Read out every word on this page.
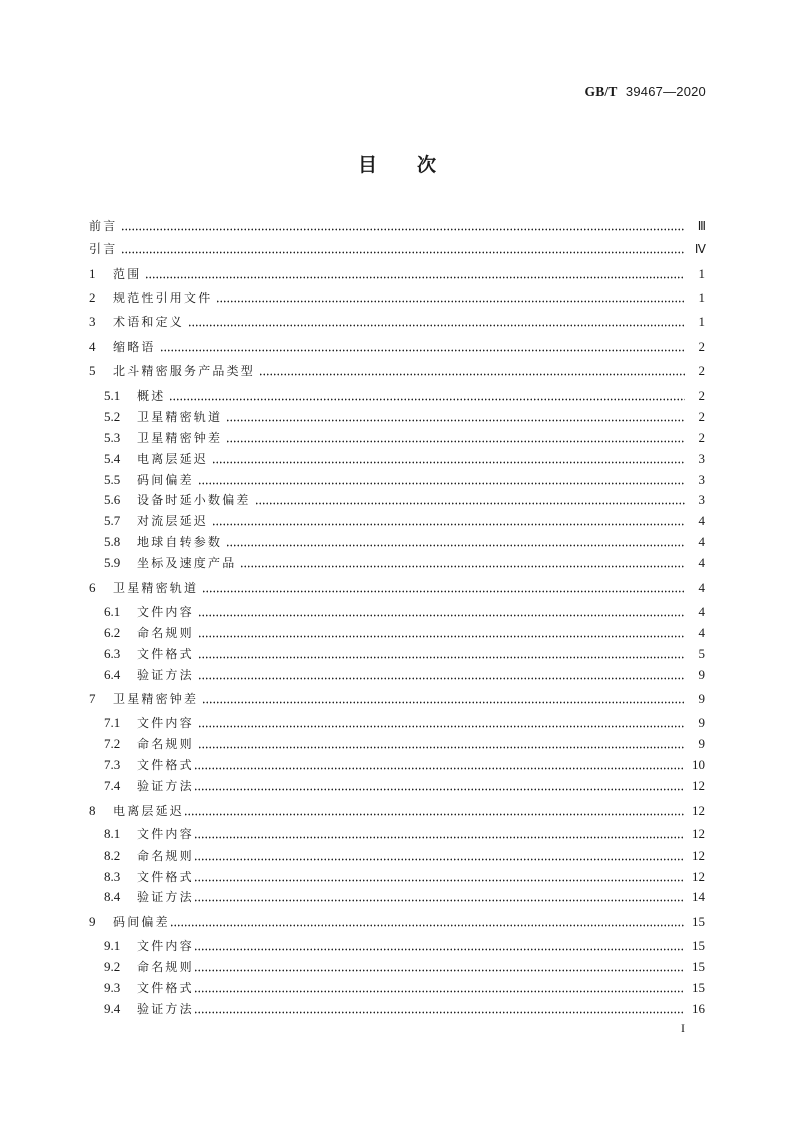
GB/T 39467—2020
目次
前言	Ⅲ
引言	Ⅳ
1	范围	1
2	规范性引用文件	1
3	术语和定义	1
4	缩略语	2
5	北斗精密服务产品类型	2
5.1	概述	2
5.2	卫星精密轨道	2
5.3	卫星精密钟差	2
5.4	电离层延迟	3
5.5	码间偏差	3
5.6	设备时延小数偏差	3
5.7	对流层延迟	4
5.8	地球自转参数	4
5.9	坐标及速度产品	4
6	卫星精密轨道	4
6.1	文件内容	4
6.2	命名规则	4
6.3	文件格式	5
6.4	验证方法	9
7	卫星精密钟差	9
7.1	文件内容	9
7.2	命名规则	9
7.3	文件格式	10
7.4	验证方法	12
8	电离层延迟	12
8.1	文件内容	12
8.2	命名规则	12
8.3	文件格式	12
8.4	验证方法	14
9	码间偏差	15
9.1	文件内容	15
9.2	命名规则	15
9.3	文件格式	15
9.4	验证方法	16
I
